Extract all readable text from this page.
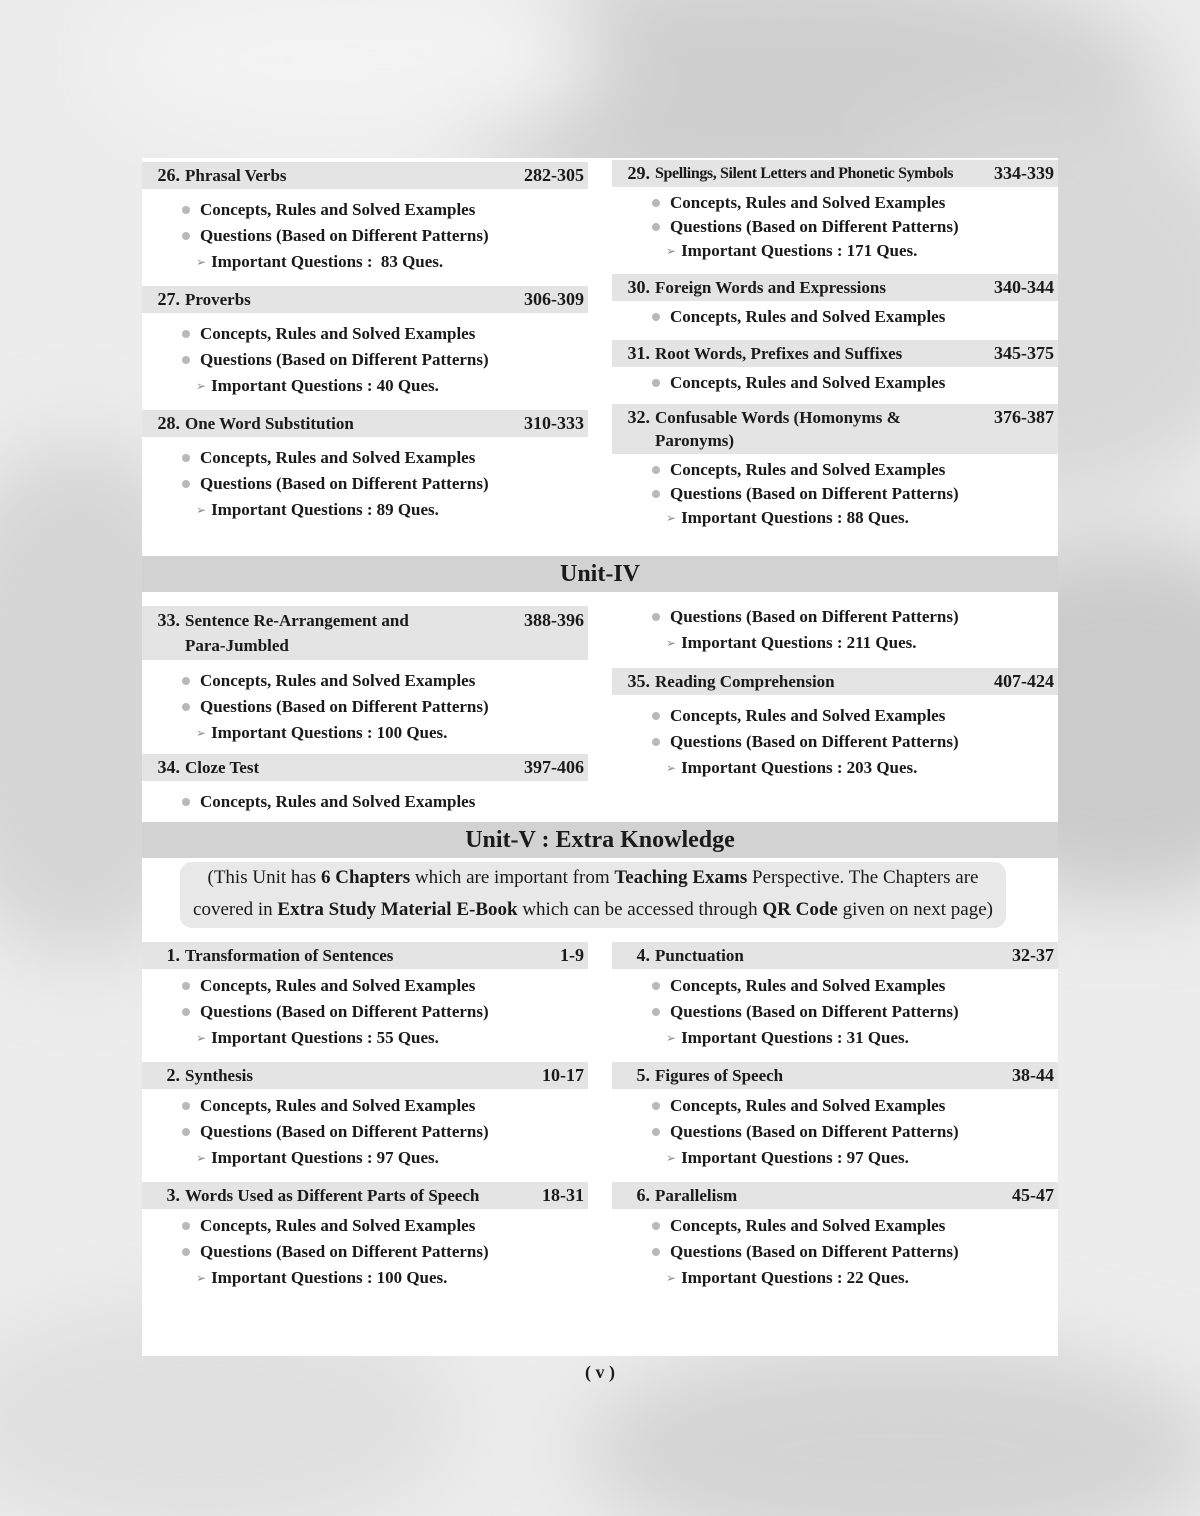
26. Phrasal Verbs	282-305
Concepts, Rules and Solved Examples
Questions (Based on Different Patterns)
➢ Important Questions : 83 Ques.
27. Proverbs	306-309
Concepts, Rules and Solved Examples
Questions (Based on Different Patterns)
➢ Important Questions : 40 Ques.
28. One Word Substitution	310-333
Concepts, Rules and Solved Examples
Questions (Based on Different Patterns)
➢ Important Questions : 89 Ques.
29. Spellings, Silent Letters and Phonetic Symbols	334-339
Concepts, Rules and Solved Examples
Questions (Based on Different Patterns)
➢ Important Questions : 171 Ques.
30. Foreign Words and Expressions	340-344
Concepts, Rules and Solved Examples
31. Root Words, Prefixes and Suffixes	345-375
Concepts, Rules and Solved Examples
32. Confusable Words (Homonyms & Paronyms)
376-387
Concepts, Rules and Solved Examples
Questions (Based on Different Patterns)
➢ Important Questions : 88 Ques.
Unit-IV
33. Sentence Re-Arrangement and Para-Jumbled
388-396
Concepts, Rules and Solved Examples
Questions (Based on Different Patterns)
➢ Important Questions : 100 Ques.
34. Cloze Test	397-406
Concepts, Rules and Solved Examples
Questions (Based on Different Patterns)
➢ Important Questions : 211 Ques.
35. Reading Comprehension	407-424
Concepts, Rules and Solved Examples
Questions (Based on Different Patterns)
➢ Important Questions : 203 Ques.
Unit-V : Extra Knowledge
(This Unit has 6 Chapters which are important from Teaching Exams Perspective. The Chapters are covered in Extra Study Material E-Book which can be accessed through QR Code given on next page)
1. Transformation of Sentences	1-9
Concepts, Rules and Solved Examples
Questions (Based on Different Patterns)
➢ Important Questions : 55 Ques.
2. Synthesis	10-17
Concepts, Rules and Solved Examples
Questions (Based on Different Patterns)
➢ Important Questions : 97 Ques.
3. Words Used as Different Parts of Speech	18-31
Concepts, Rules and Solved Examples
Questions (Based on Different Patterns)
➢ Important Questions : 100 Ques.
4. Punctuation	32-37
Concepts, Rules and Solved Examples
Questions (Based on Different Patterns)
➢ Important Questions : 31 Ques.
5. Figures of Speech	38-44
Concepts, Rules and Solved Examples
Questions (Based on Different Patterns)
➢ Important Questions : 97 Ques.
6. Parallelism	45-47
Concepts, Rules and Solved Examples
Questions (Based on Different Patterns)
➢ Important Questions : 22 Ques.
( v )
